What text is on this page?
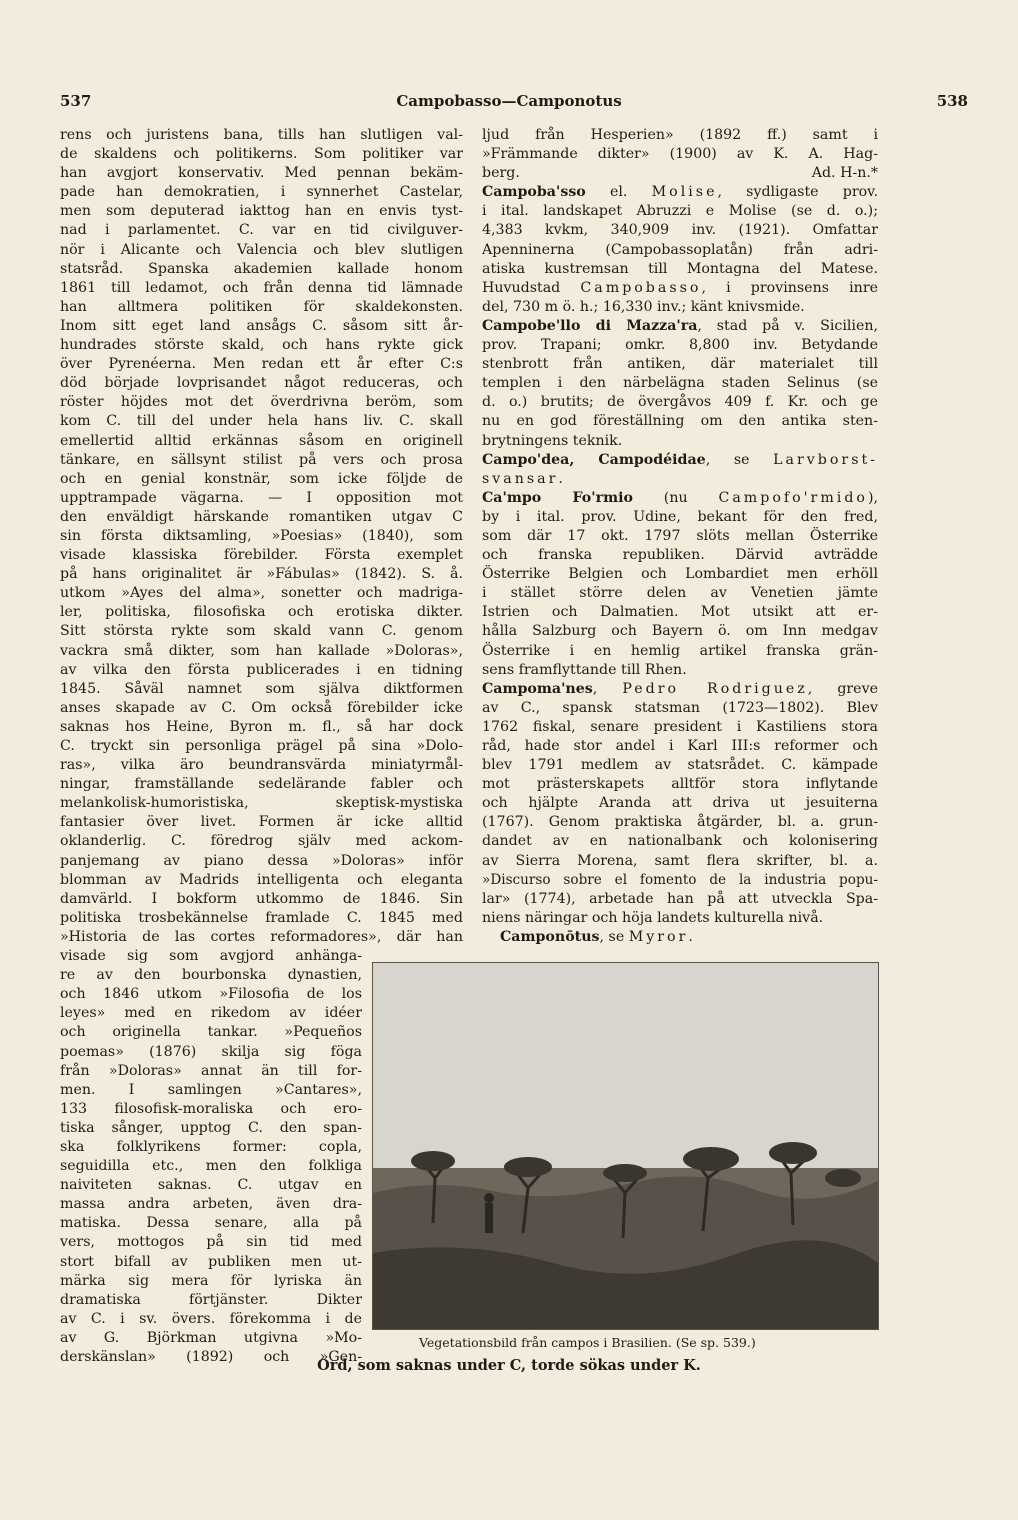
537	Campobasso—Camponotus	538
rens och juristens bana, tills han slutligen val-
de skaldens och politikerns. Som politiker var
han avgjort konservativ. Med pennan bekäm-
pade han demokratien, i synnerhet Castelar,
men som deputerad iakttog han en envis tyst-
nad i parlamentet. C. var en tid civilguver-
nör i Alicante och Valencia och blev slutligen
statsråd. Spanska akademien kallade honom
1861 till ledamot, och från denna tid lämnade
han alltmera politiken för skaldekonsten.
Inom sitt eget land ansågs C. såsom sitt år-
hundrades störste skald, och hans rykte gick
över Pyrenéerna. Men redan ett år efter C:s
död började lovprisandet något reduceras, och
röster höjdes mot det överdrivna beröm, som
kom C. till del under hela hans liv. C. skall
emellertid alltid erkännas såsom en originell
tänkare, en sällsynt stilist på vers och prosa
och en genial konstnär, som icke följde de
upptrampade vägarna. — I opposition mot
den enväldigt härskande romantiken utgav C
sin första diktsamling, »Poesias» (1840), som
visade klassiska förebilder. Första exemplet
på hans originalitet är »Fábulas» (1842). S. å.
utkom »Ayes del alma», sonetter och madriga-
ler, politiska, filosofiska och erotiska dikter.
Sitt största rykte som skald vann C. genom
vackra små dikter, som han kallade »Doloras»,
av vilka den första publicerades i en tidning
1845. Såväl namnet som själva diktformen
anses skapade av C. Om också förebilder icke
saknas hos Heine, Byron m. fl., så har dock
C. tryckt sin personliga prägel på sina »Dolo-
ras», vilka äro beundransvärda miniatyrmål-
ningar, framställande sedelärande fabler och
melankolisk-humoristiska, skeptisk-mystiska
fantasier över livet. Formen är icke alltid
oklanderlig. C. föredrog själv med ackom-
panjemang av piano dessa »Doloras» inför
blomman av Madrids intelligenta och eleganta
damvärld. I bokform utkommo de 1846. Sin
politiska trosbekännelse framlade C. 1845 med
»Historia de las cortes reformadores», där han
visade sig som avgjord anhänga-
re av den bourbonska dynastien,
och 1846 utkom »Filosofia de los
leyes» med en rikedom av idéer
och originella tankar. »Pequeños
poemas» (1876) skilja sig föga
från »Doloras» annat än till for-
men. I samlingen »Cantares»,
133 filosofisk-moraliska och ero-
tiska sånger, upptog C. den span-
ska folklyrikens former: copla,
seguidilla etc., men den folkliga
naiviteten saknas. C. utgav en
massa andra arbeten, även dra-
matiska. Dessa senare, alla på
vers, mottogos på sin tid med
stort bifall av publiken men ut-
märka sig mera för lyriska än
dramatiska förtjänster. Dikter
av C. i sv. övers. förekomma i de
av G. Björkman utgivna »Mo-
derskänslan» (1892) och »Gen-
ljud från Hesperien» (1892 ff.) samt i
»Främmande dikter» (1900) av K. A. Hag-
berg.	Ad. H-n.*
Campoba'sso el. Molise, sydligaste prov.
i ital. landskapet Abruzzi e Molise (se d. o.);
4,383 kvkm, 340,909 inv. (1921). Omfattar
Apenninerna (Campobassoplatån) från adri-
atiska kustremsan till Montagna del Matese.
Huvudstad Campobasso, i provinsens inre
del, 730 m ö. h.; 16,330 inv.; känt knivsmide.
Campobe'llo di Mazza'ra, stad på v. Sicilien,
prov. Trapani; omkr. 8,800 inv. Betydande
stenbrott från antiken, där materialet till
templen i den närbelägna staden Selinus (se
d. o.) brutits; de övergåvos 409 f. Kr. och ge
nu en god föreställning om den antika sten-
brytningens teknik.
Campo'dea, Campodéidae, se Larvborst-
svansar.
Ca'mpo Fo'rmio (nu Campofo'rmido),
by i ital. prov. Udine, bekant för den fred,
som där 17 okt. 1797 slöts mellan Österrike
och franska republiken. Därvid avträdde
Österrike Belgien och Lombardiet men erhöll
i stället större delen av Venetien jämte
Istrien och Dalmatien. Mot utsikt att er-
hålla Salzburg och Bayern ö. om Inn medgav
Österrike i en hemlig artikel franska grän-
sens framflyttande till Rhen.
Campoma'nes, Pedro Rodriguez, greve
av C., spansk statsman (1723—1802). Blev
1762 fiskal, senare president i Kastiliens stora
råd, hade stor andel i Karl III:s reformer och
blev 1791 medlem av statsrådet. C. kämpade
mot prästerskapets alltför stora inflytande
och hjälpte Aranda att driva ut jesuiterna
(1767). Genom praktiska åtgärder, bl. a. grun-
dandet av en nationalbank och kolonisering
av Sierra Morena, samt flera skrifter, bl. a.
»Discurso sobre el fomento de la industria popu-
lar» (1774), arbetade han på att utveckla Spa-
niens näringar och höja landets kulturella nivå.
Camponōtus, se Myror.
Vegetationsbild från campos i Brasilien. (Se sp. 539.)
Ord, som saknas under C, torde sökas under K.
